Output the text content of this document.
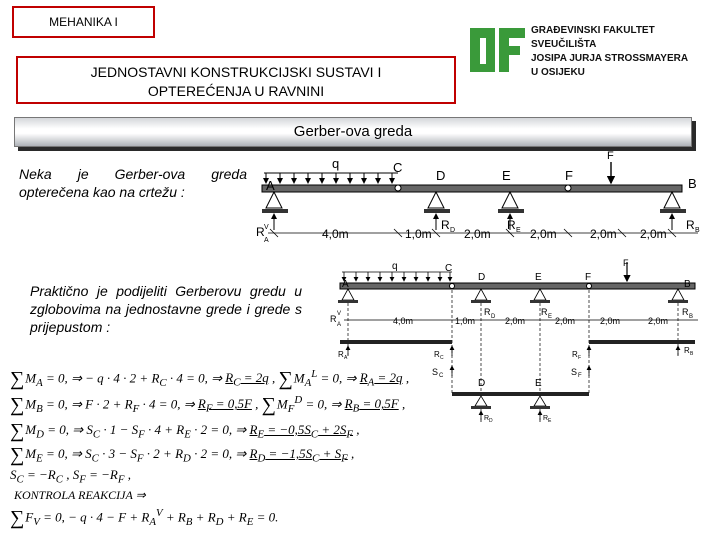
MEHANIKA I
JEDNOSTAVNI KONSTRUKCIJSKI SUSTAVI I
OPTEREĆENJA U RAVNINI
GRAĐEVINSKI FAKULTET
SVEUČILIŠTA
JOSIPA JURJA STROSSMAYERA
U OSIJEKU
Gerber-ova greda
Neka je Gerber-ova greda opterečena kao na crtežu :
Praktično je podijeliti Gerberovu gredu u zglobovima na jednostavne grede i grede s prijepustom :
q	F
A
C
D	E	F
B
R
A
V	R D	R E	R B
4,0m	1,0m	2,0m	2,0m	2,0m 2,0m
q	F
A
C
D	E	F
B
R
A
V	R D	R E	R B
4,0m	1,0m	2,0m	2,0m	2,0m	2,0m
R A	R C	R F
R B
S C	S F
D	E
R D	R E
$\sum M_A = 0$, ⇒ − $q \cdot 4 \cdot 2 + R_C \cdot 4 = 0$, ⇒ $R_C = 2q$ , $\sum M_A^L = 0$, ⇒ $R_A = 2q$ ,
$\sum M_B = 0$, ⇒ $F \cdot 2 + R_F \cdot 4 = 0$, ⇒ $R_F = 0,5F$ , $\sum M_F^D = 0$, ⇒ $R_B = 0,5F$ ,
$\sum M_D = 0$, ⇒ $S_C \cdot 1 - S_F \cdot 4 + R_E \cdot 2 = 0$, ⇒ $R_E = -0,5S_C + 2S_F$ ,
$\sum M_E = 0$, ⇒ $S_C \cdot 3 - S_F \cdot 2 + R_D \cdot 2 = 0$, ⇒ $R_D = -1,5S_C + S_F$ ,
$S_C = -R_C$ , $S_F = -R_F$ ,
KONTROLA REAKCIJA ⇒
$\sum F_V = 0$, − $q \cdot 4 - F + R_A^V + R_B + R_D + R_E = 0$.
